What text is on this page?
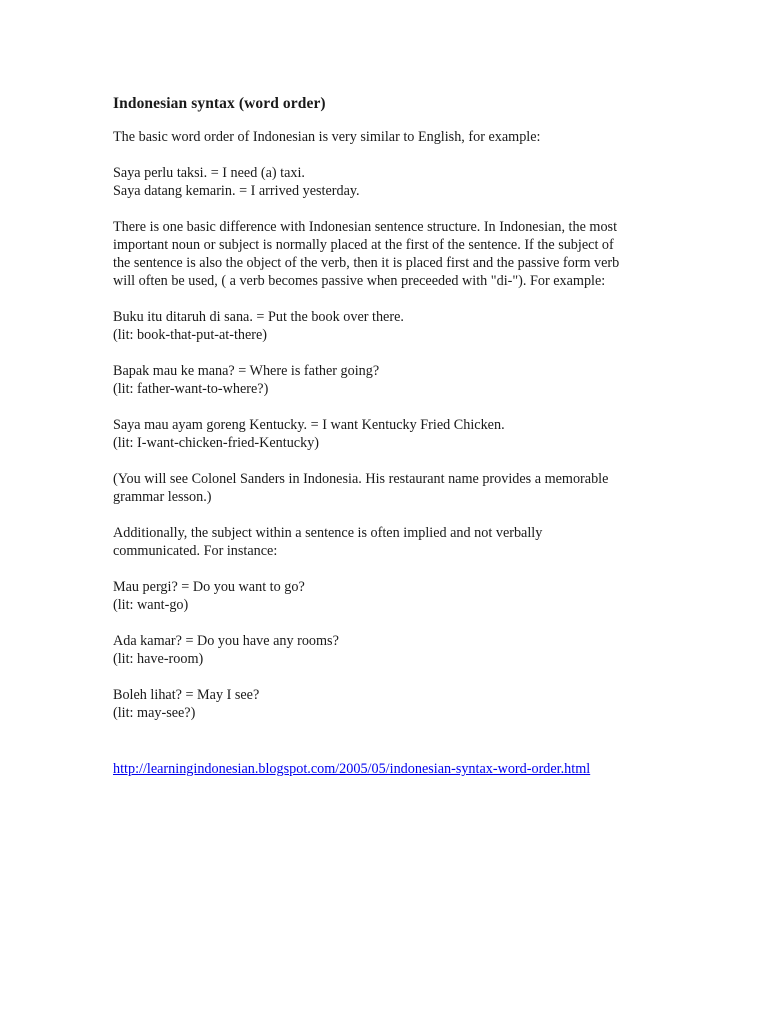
Indonesian syntax (word order)
The basic word order of Indonesian is very similar to English, for example:
Saya perlu taksi. = I need (a) taxi.
Saya datang kemarin. = I arrived yesterday.
There is one basic difference with Indonesian sentence structure. In Indonesian, the most
important noun or subject is normally placed at the first of the sentence. If the subject of
the sentence is also the object of the verb, then it is placed first and the passive form verb
will often be used, ( a verb becomes passive when preceeded with "di-"). For example:
Buku itu ditaruh di sana. = Put the book over there.
(lit: book-that-put-at-there)
Bapak mau ke mana? = Where is father going?
(lit: father-want-to-where?)
Saya mau ayam goreng Kentucky. = I want Kentucky Fried Chicken.
(lit: I-want-chicken-fried-Kentucky)
(You will see Colonel Sanders in Indonesia. His restaurant name provides a memorable
grammar lesson.)
Additionally, the subject within a sentence is often implied and not verbally
communicated. For instance:
Mau pergi? = Do you want to go?
(lit: want-go)
Ada kamar? = Do you have any rooms?
(lit: have-room)
Boleh lihat? = May I see?
(lit: may-see?)
http://learningindonesian.blogspot.com/2005/05/indonesian-syntax-word-order.html
